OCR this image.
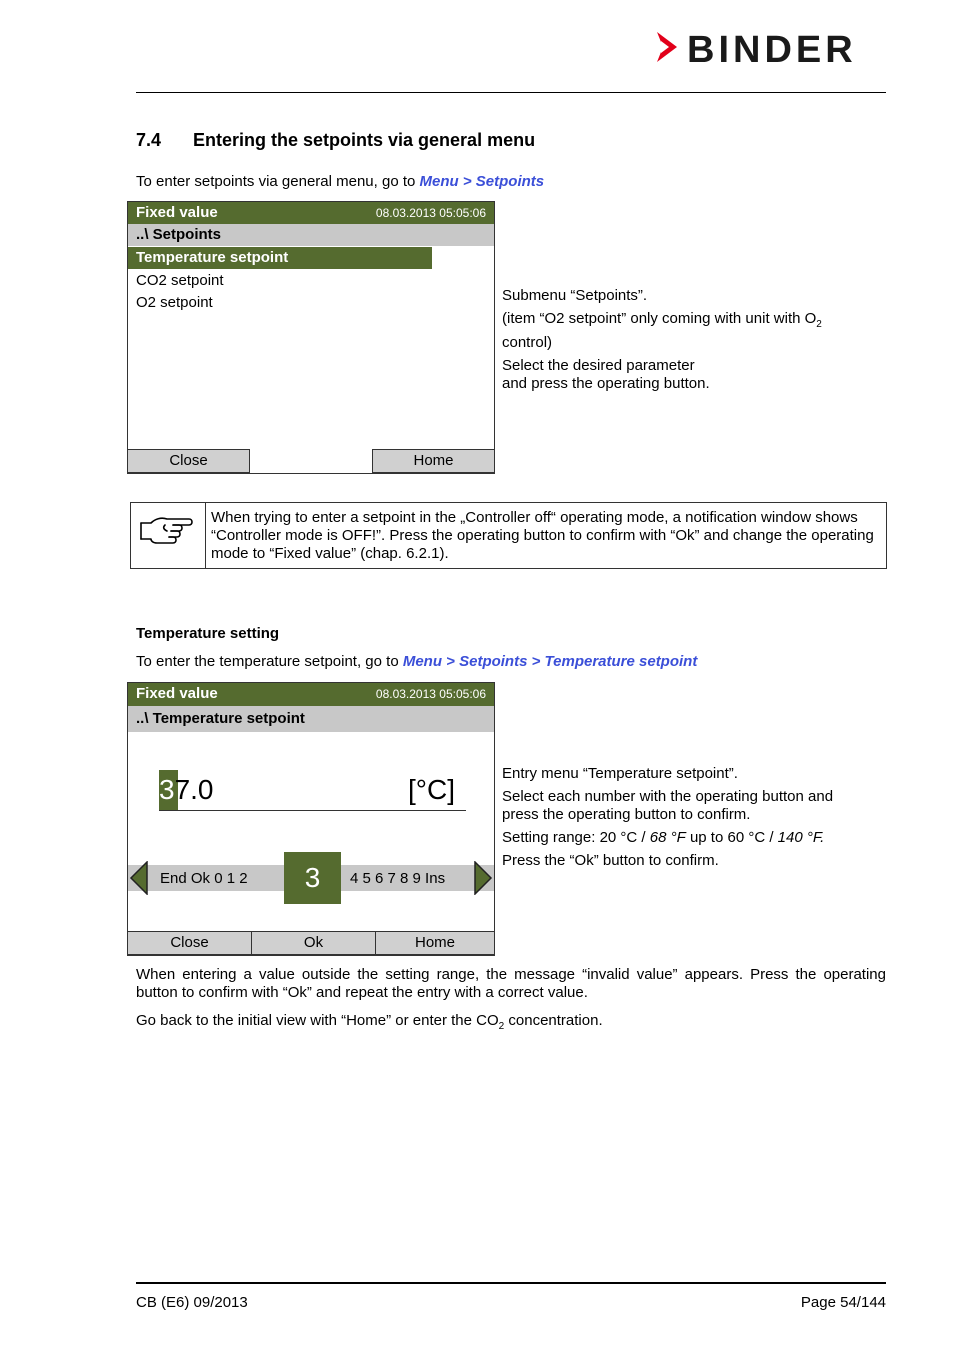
BINDER
7.4 Entering the setpoints via general menu
To enter setpoints via general menu, go to Menu > Setpoints
Fixed value	08.03.2013 05:05:06
..\ Setpoints
Temperature setpoint
CO2 setpoint
O2 setpoint
Close	Home
Submenu “Setpoints”.
(item “O2 setpoint” only coming with unit with $O_2$
control)
Select the desired parameter
and press the operating button.
When trying to enter a setpoint in the „Controller off“ operating mode, a notification window shows “Controller mode is OFF!”. Press the operating button to confirm with “Ok” and change the operating mode to “Fixed value” (chap. 6.2.1).
Temperature setting
To enter the temperature setpoint, go to Menu > Setpoints > Temperature setpoint
Fixed value	08.03.2013 05:05:06
..\ Temperature setpoint
37.0	[°C]
End Ok 0 1 2	3	4 5 6 7 8 9 Ins
Close	Ok	Home
Entry menu “Temperature setpoint”.
Select each number with the operating button and
press the operating button to confirm.
Setting range: 20 °C / 68 °F up to 60 °C / 140 °F.
Press the “Ok” button to confirm.
When entering a value outside the setting range, the message “invalid value” appears. Press the operating button to confirm with “Ok” and repeat the entry with a correct value.
Go back to the initial view with “Home” or enter the $CO_2$ concentration.
CB (E6) 09/2013	Page 54/144
